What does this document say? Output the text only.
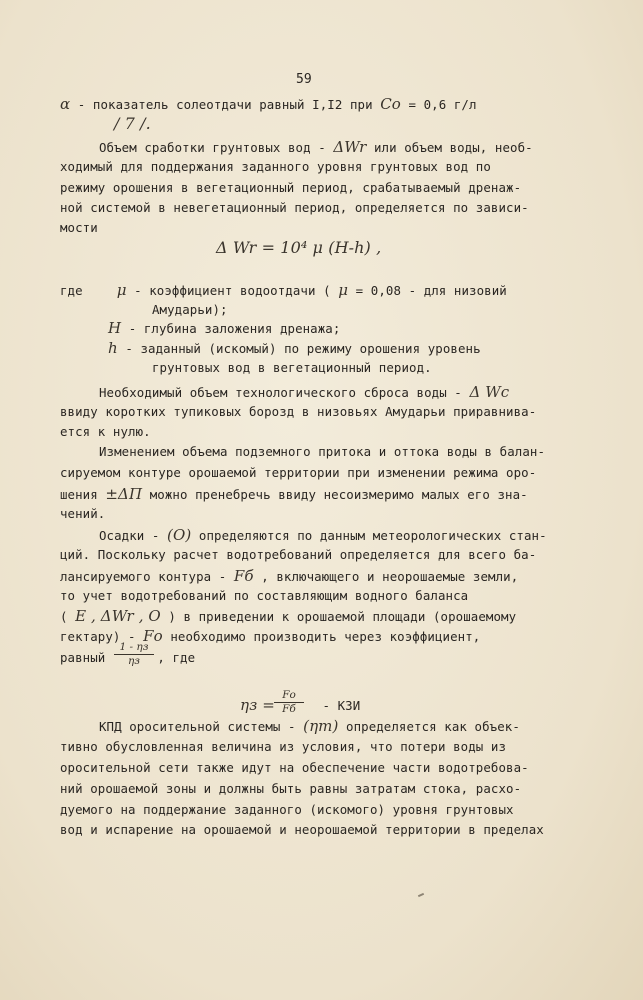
59
α - показатель солеотдачи равный I,I2 при Cо = 0,6 г/л
/ 7 /.
Объем сработки грунтовых вод - ΔWr или объем воды, необ-
ходимый для поддержания заданного уровня грунтовых вод по
режиму орошения в вегетационный период, срабатываемый дренаж-
ной системой в невегетационный период, определяется по зависи-
мости
Δ Wr = 10⁴ μ (H-h) ,
где μ - коэффициент водоотдачи ( μ = 0,08 - для низовий
Амударьи);
H - глубина заложения дренажа;
h - заданный (искомый) по режиму орошения уровень
грунтовых вод в вегетационный период.
Необходимый объем технологического сброса воды - Δ Wc
ввиду коротких тупиковых борозд в низовьях Амударьи приравнива-
ется к нулю.
Изменением объема подземного притока и оттока воды в балан-
сируемом контуре орошаемой территории при изменении режима оро-
шения ±ΔП можно пренебречь ввиду несоизмеримо малых его зна-
чений.
Осадки - (O) определяются по данным метеорологических стан-
ций. Поскольку расчет водотребований определяется для всего ба-
лансируемого контура - Fб , включающего и неорошаемые земли,
то учет водотребований по составляющим водного баланса
( E , ΔWr , O ) в приведении к орошаемой площади (орошаемому
гектару) - Fо необходимо производить через коэффициент,
равный	, где
1 - ηз
ηз
ηз =	- КЗИ
Fо
Fб
КПД оросительной системы - (ηт) определяется как объек-
тивно обусловленная величина из условия, что потери воды из
оросительной сети также идут на обеспечение части водотребова-
ний орошаемой зоны и должны быть равны затратам стока, расхо-
дуемого на поддержание заданного (искомого) уровня грунтовых
вод и испарение на орошаемой и неорошаемой территории в пределах
